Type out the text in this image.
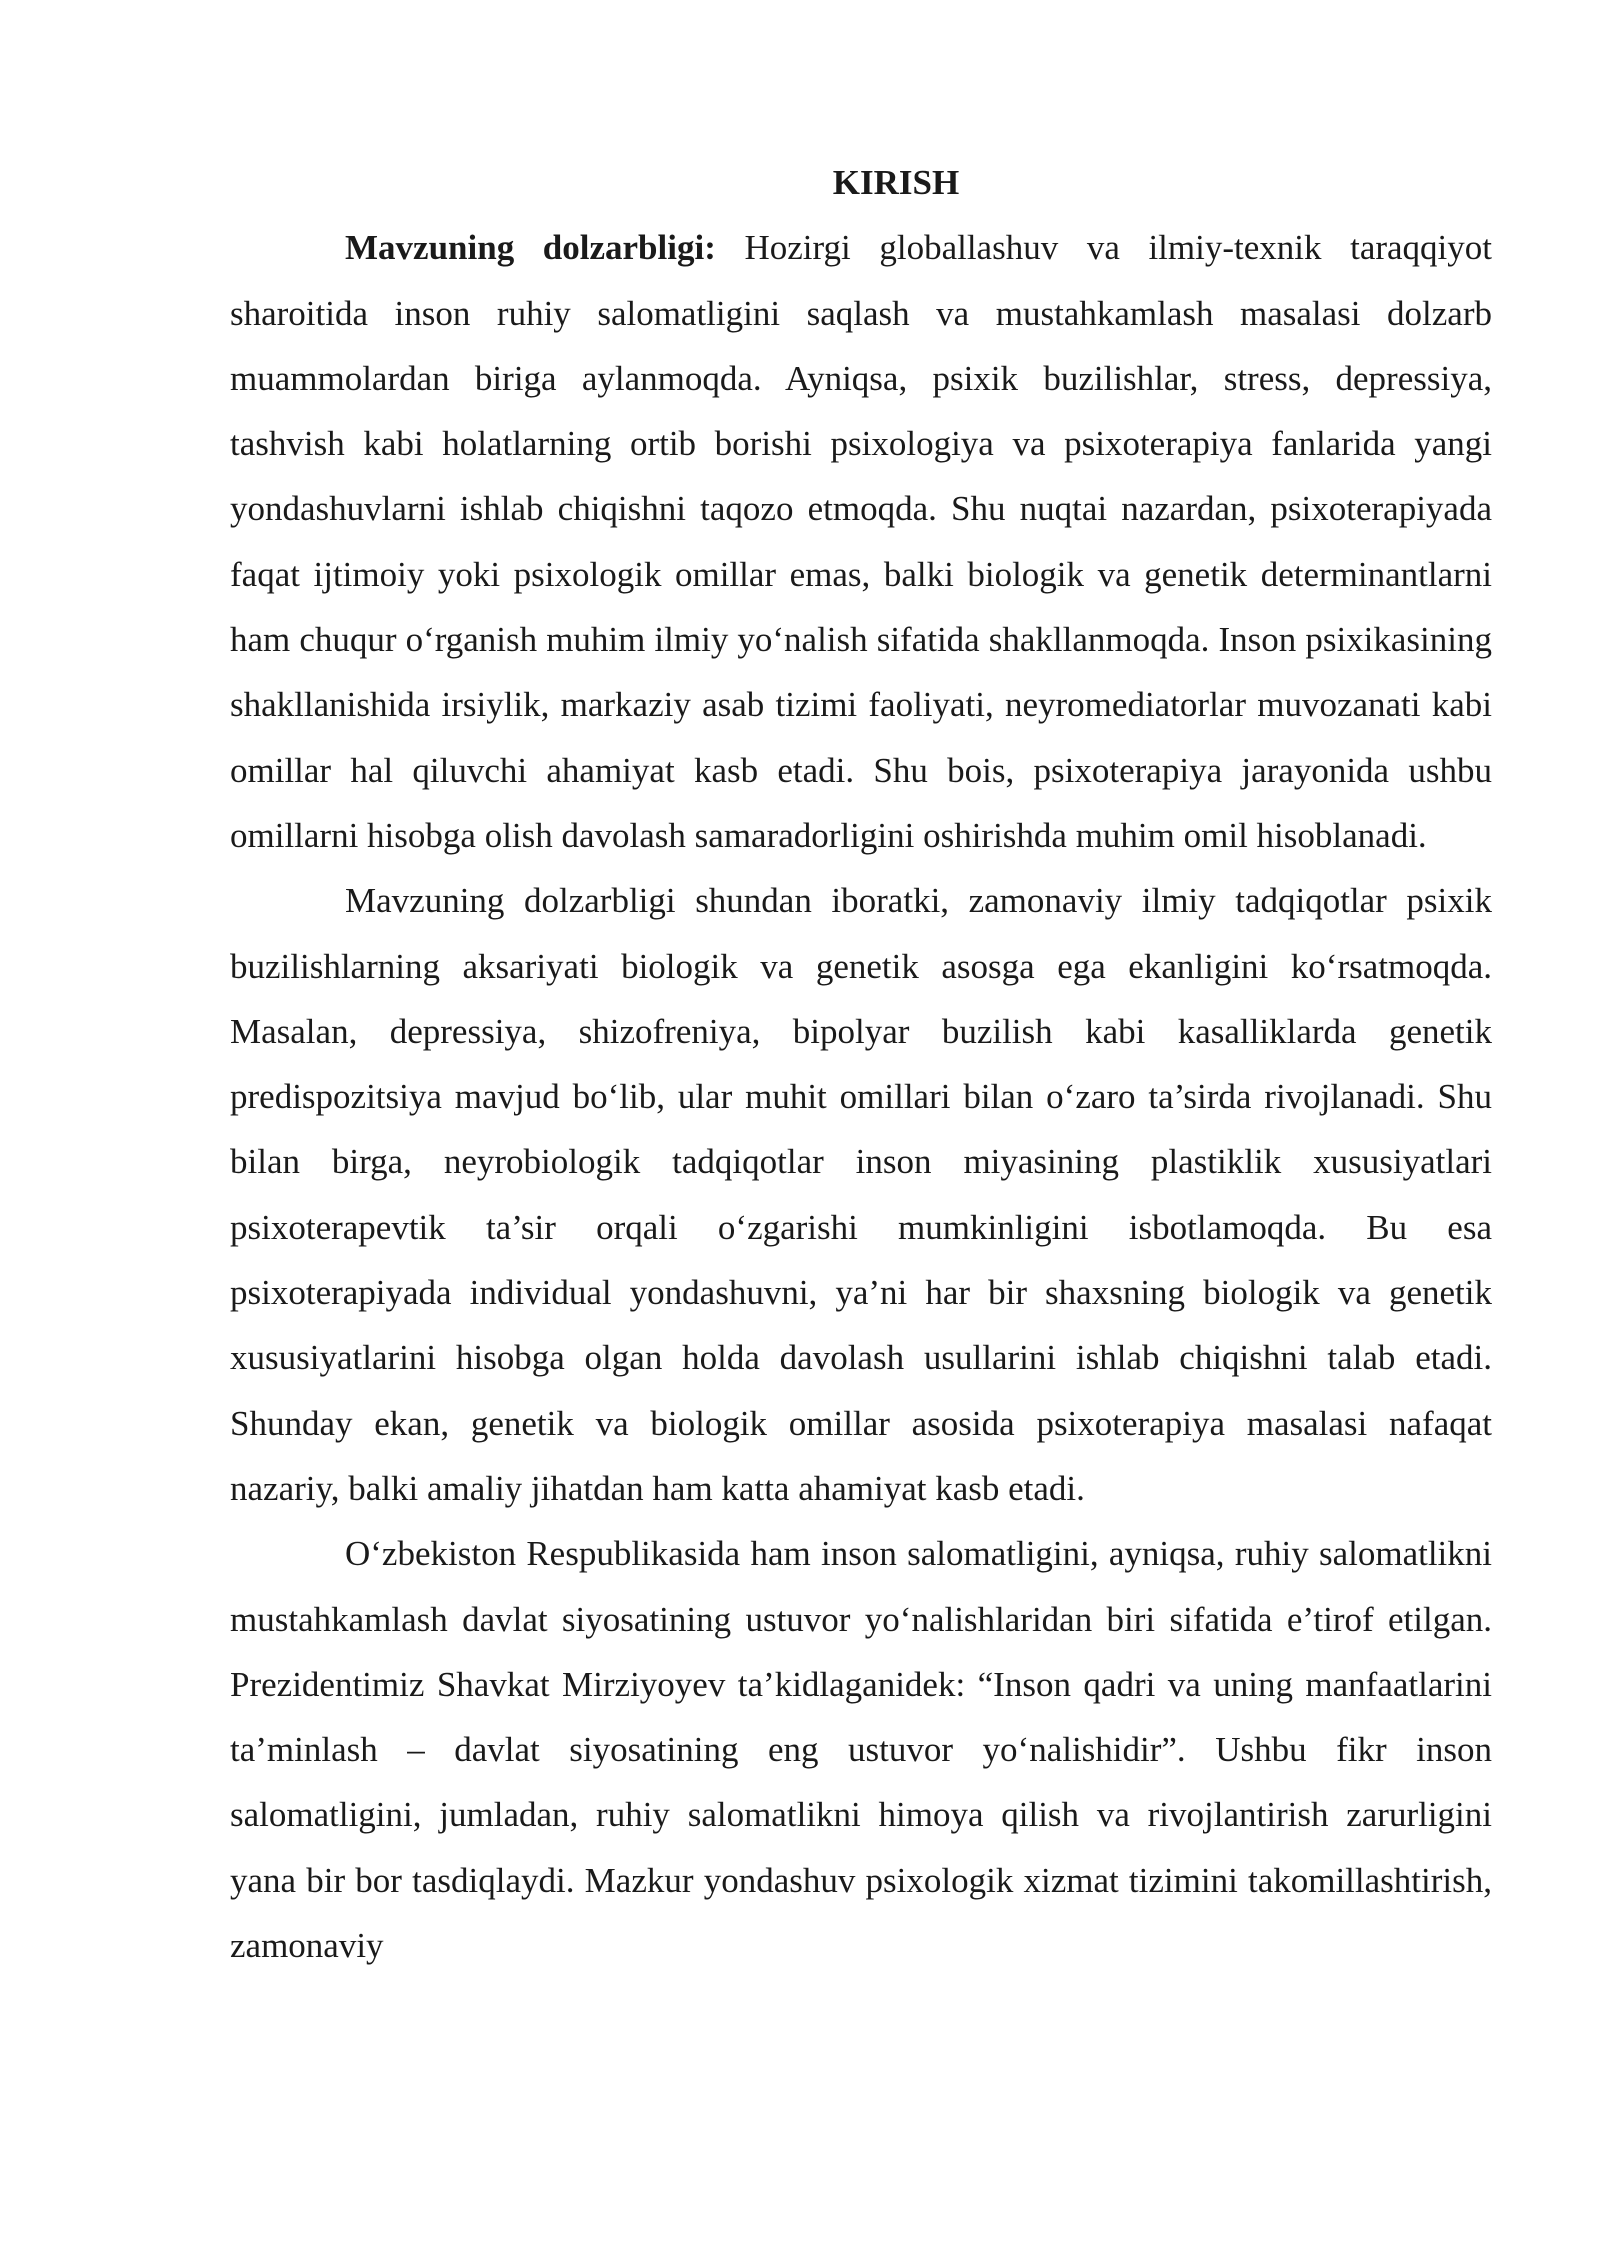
KIRISH

Mavzuning dolzarbligi: Hozirgi globallashuv va ilmiy-texnik taraqqiyot sharoitida inson ruhiy salomatligini saqlash va mustahkamlash masalasi dolzarb muammolardan biriga aylanmoqda. Ayniqsa, psixik buzilishlar, stress, depressiya, tashvish kabi holatlarning ortib borishi psixologiya va psixoterapiya fanlarida yangi yondashuvlarni ishlab chiqishni taqozo etmoqda. Shu nuqtai nazardan, psixoterapiyada faqat ijtimoiy yoki psixologik omillar emas, balki biologik va genetik determinantlarni ham chuqur o‘rganish muhim ilmiy yo‘nalish sifatida shakllanmoqda. Inson psixikasining shakllanishida irsiylik, markaziy asab tizimi faoliyati, neyromediatorlar muvozanati kabi omillar hal qiluvchi ahamiyat kasb etadi. Shu bois, psixoterapiya jarayonida ushbu omillarni hisobga olish davolash samaradorligini oshirishda muhim omil hisoblanadi.

Mavzuning dolzarbligi shundan iboratki, zamonaviy ilmiy tadqiqotlar psixik buzilishlarning aksariyati biologik va genetik asosga ega ekanligini ko‘rsatmoqda. Masalan, depressiya, shizofreniya, bipolyar buzilish kabi kasalliklarda genetik predispozitsiya mavjud bo‘lib, ular muhit omillari bilan o‘zaro ta’sirda rivojlanadi. Shu bilan birga, neyrobiologik tadqiqotlar inson miyasining plastiklik xususiyatlari psixoterapevtik ta’sir orqali o‘zgarishi mumkinligini isbotlamoqda. Bu esa psixoterapiyada individual yondashuvni, ya’ni har bir shaxsning biologik va genetik xususiyatlarini hisobga olgan holda davolash usullarini ishlab chiqishni talab etadi. Shunday ekan, genetik va biologik omillar asosida psixoterapiya masalasi nafaqat nazariy, balki amaliy jihatdan ham katta ahamiyat kasb etadi.

O‘zbekiston Respublikasida ham inson salomatligini, ayniqsa, ruhiy salomatlikni mustahkamlash davlat siyosatining ustuvor yo‘nalishlaridan biri sifatida e’tirof etilgan. Prezidentimiz Shavkat Mirziyoyev ta’kidlaganidek: “Inson qadri va uning manfaatlarini ta’minlash – davlat siyosatining eng ustuvor yo‘nalishidir”. Ushbu fikr inson salomatligini, jumladan, ruhiy salomatlikni himoya qilish va rivojlantirish zarurligini yana bir bor tasdiqlaydi. Mazkur yondashuv psixologik xizmat tizimini takomillashtirish, zamonaviy
